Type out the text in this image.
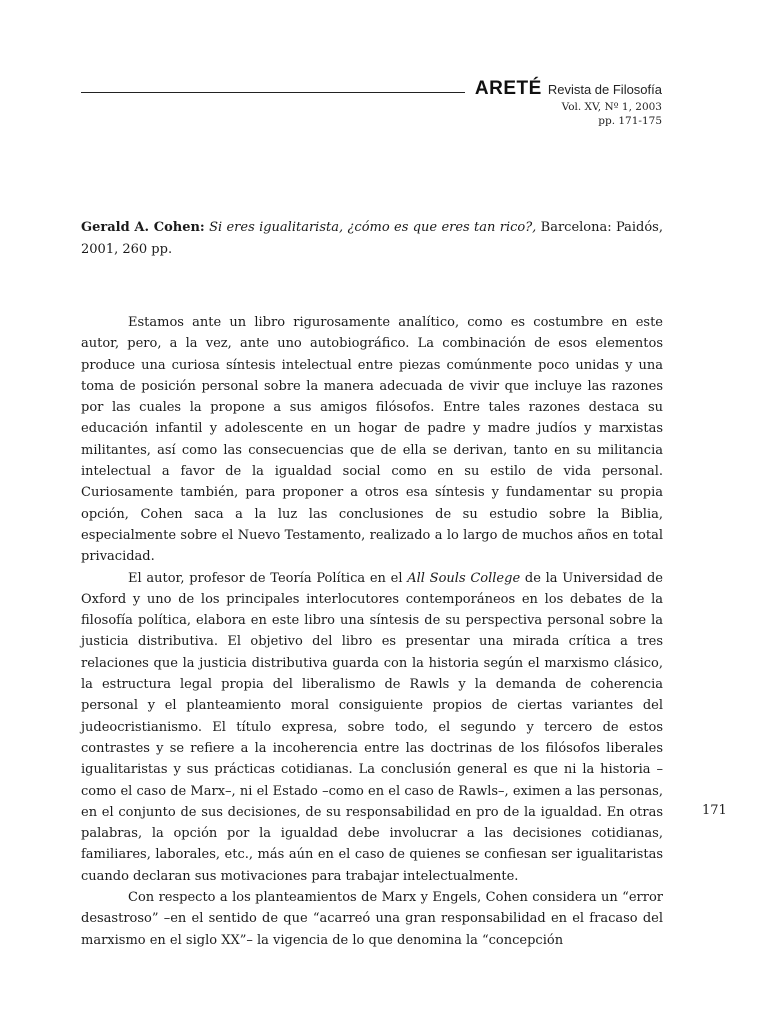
ARETÉ Revista de Filosofía
Vol. XV, Nº 1, 2003
pp. 171-175
Gerald A. Cohen: Si eres igualitarista, ¿cómo es que eres tan rico?, Barcelona: Paidós, 2001, 260 pp.

Estamos ante un libro rigurosamente analítico, como es costumbre en este autor, pero, a la vez, ante uno autobiográfico. La combinación de esos elementos produce una curiosa síntesis intelectual entre piezas comúnmente poco unidas y una toma de posición personal sobre la manera adecuada de vivir que incluye las razones por las cuales la propone a sus amigos filósofos. Entre tales razones destaca su educación infantil y adolescente en un hogar de padre y madre judíos y marxistas militantes, así como las consecuencias que de ella se derivan, tanto en su militancia intelectual a favor de la igualdad social como en su estilo de vida personal. Curiosamente también, para proponer a otros esa síntesis y fundamentar su propia opción, Cohen saca a la luz las conclusiones de su estudio sobre la Biblia, especialmente sobre el Nuevo Testamento, realizado a lo largo de muchos años en total privacidad.

El autor, profesor de Teoría Política en el All Souls College de la Universidad de Oxford y uno de los principales interlocutores contemporáneos en los debates de la filosofía política, elabora en este libro una síntesis de su perspectiva personal sobre la justicia distributiva. El objetivo del libro es presentar una mirada crítica a tres relaciones que la justicia distributiva guarda con la historia según el marxismo clásico, la estructura legal propia del liberalismo de Rawls y la demanda de coherencia personal y el planteamiento moral consiguiente propios de ciertas variantes del judeocristianismo. El título expresa, sobre todo, el segundo y tercero de estos contrastes y se refiere a la incoherencia entre las doctrinas de los filósofos liberales igualitaristas y sus prácticas cotidianas. La conclusión general es que ni la historia –como el caso de Marx–, ni el Estado –como en el caso de Rawls–, eximen a las personas, en el conjunto de sus decisiones, de su responsabilidad en pro de la igualdad. En otras palabras, la opción por la igualdad debe involucrar a las decisiones cotidianas, familiares, laborales, etc., más aún en el caso de quienes se confiesan ser igualitaristas cuando declaran sus motivaciones para trabajar intelectualmente.

Con respecto a los planteamientos de Marx y Engels, Cohen considera un “error desastroso” –en el sentido de que “acarreó una gran responsabilidad en el fracaso del marxismo en el siglo XX”– la vigencia de lo que denomina la “concepción

171
